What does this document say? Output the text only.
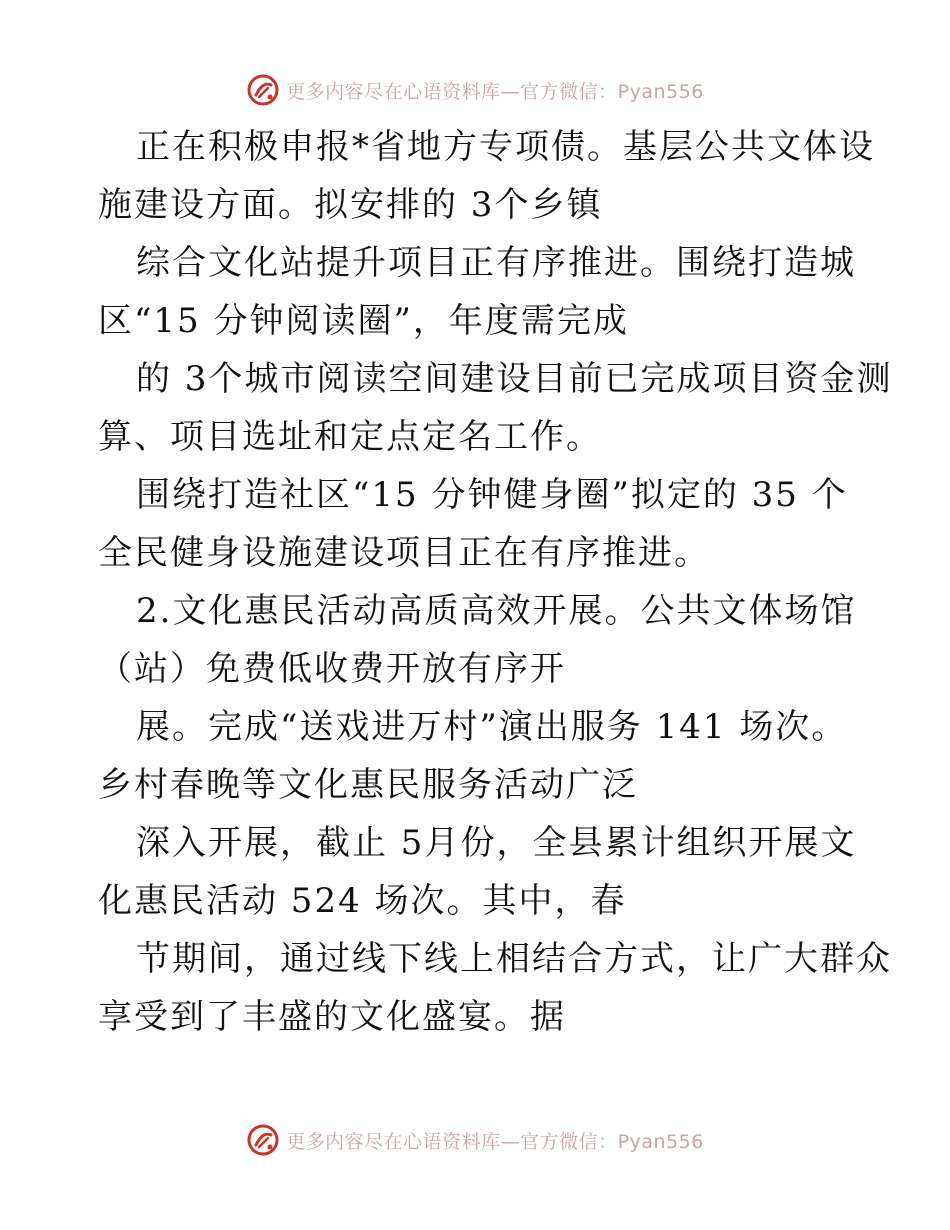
更多内容尽在心语资料库—官方微信：Pyan556
正在积极申报*省地方专项债。基层公共文体设
施建设方面。拟安排的 3个乡镇
综合文化站提升项目正有序推进。围绕打造城
区“15 分钟阅读圈”，年度需完成
的 3个城市阅读空间建设目前已完成项目资金测
算、项目选址和定点定名工作。
围绕打造社区“15 分钟健身圈”拟定的 35 个
全民健身设施建设项目正在有序推进。
2.文化惠民活动高质高效开展。公共文体场馆
（站）免费低收费开放有序开
展。完成“送戏进万村”演出服务 141 场次。
乡村春晚等文化惠民服务活动广泛
深入开展，截止 5月份，全县累计组织开展文
化惠民活动 524 场次。其中，春
节期间，通过线下线上相结合方式，让广大群众
享受到了丰盛的文化盛宴。据
更多内容尽在心语资料库—官方微信：Pyan556
